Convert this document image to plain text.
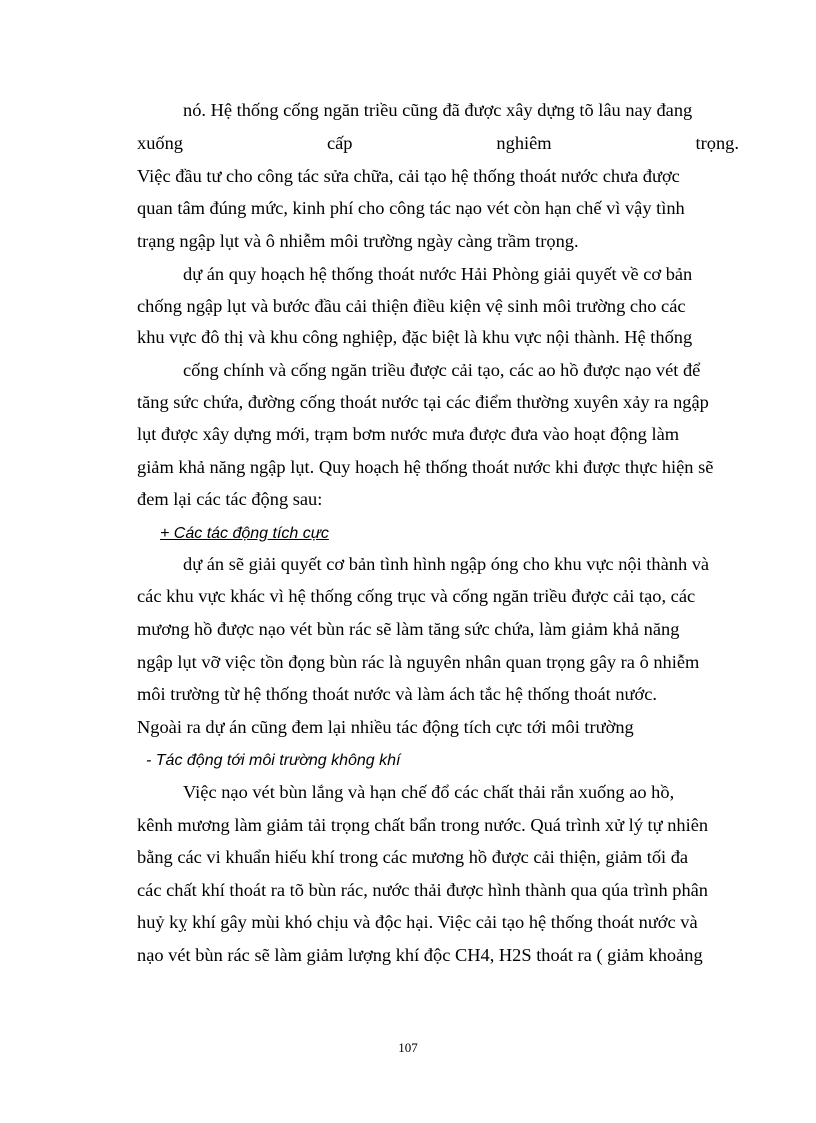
nó. Hệ thống cống ngăn triều cũng đã được xây dựng tõ lâu nay đang
xuống	cấp	nghiêm	trọng.
Việc đầu tư cho công tác sửa chữa, cải tạo hệ thống thoát nước chưa được
quan tâm đúng mức, kinh phí cho công tác nạo vét còn hạn chế vì vậy tình
trạng ngập lụt và ô nhiễm môi trường ngày càng trầm trọng.
dự án quy hoạch hệ thống thoát nước Hải Phòng giải quyết về cơ bản
chống ngập lụt và bước đầu cải thiện điều kiện vệ sinh môi trường cho các
khu vực đô thị và khu công nghiệp, đặc biệt là khu vực nội thành. Hệ thống
cống chính và cống ngăn triều được cải tạo, các ao hồ được nạo vét để
tăng sức chứa, đường cống thoát nước tại các điểm thường xuyên xảy ra ngập
lụt được xây dựng mới, trạm bơm nước mưa được đưa vào hoạt động làm
giảm khả năng ngập lụt. Quy hoạch hệ thống thoát nước khi được thực hiện sẽ
đem lại các tác động sau:
+ Các tác động tích cực
dự án sẽ giải quyết cơ bản tình hình ngập óng cho khu vực nội thành và
các khu vực khác vì hệ thống cống trục và cống ngăn triều được cải tạo, các
mương hồ được nạo vét bùn rác sẽ làm tăng sức chứa, làm giảm khả năng
ngập lụt vỡ việc tồn đọng bùn rác là nguyên nhân quan trọng gây ra ô nhiễm
môi trường từ hệ thống thoát nước và làm ách tắc hệ thống thoát nước.
Ngoài ra dự án cũng đem lại nhiều tác động tích cực tới môi trường
- Tác động tới môi trường không khí
Việc nạo vét bùn lắng và hạn chế đổ các chất thải rắn xuống ao hồ,
kênh mương làm giảm tải trọng chất bẩn trong nước. Quá trình xử lý tự nhiên
bằng các vi khuẩn hiếu khí trong các mương hồ được cải thiện, giảm tối đa
các chất khí thoát ra tõ bùn rác, nước thải được hình thành qua qúa trình phân
huỷ kỵ khí gây mùi khó chịu và độc hại. Việc cải tạo hệ thống thoát nước và
nạo vét bùn rác sẽ làm giảm lượng khí độc CH4, H2S thoát ra ( giảm khoảng
107
